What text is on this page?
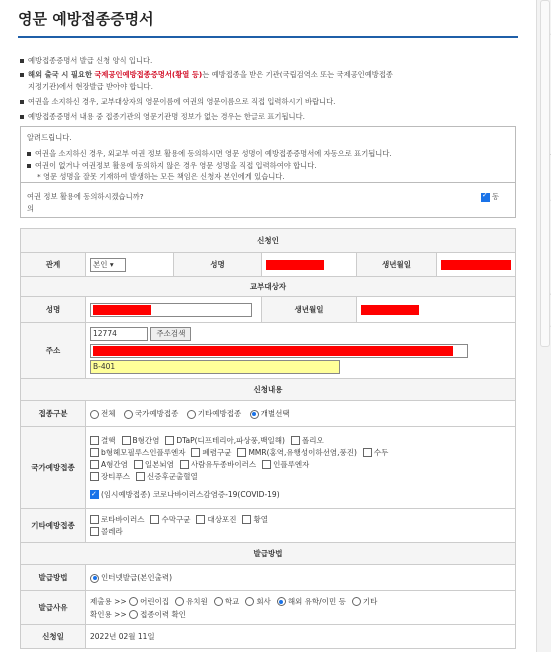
영문 예방접종증명서
예방접종증명서 발급 신청 양식 입니다.
해외 출국 시 필요한 국제공인예방접종증명서(황열 등)는 예방접종을 받은 기관(국립검역소 또는 국제공인예방접종
지정기관)에서 현장발급 받아야 합니다.
여권을 소지하신 경우, 교부대상자의 영문이름에 여권의 영문이름으로 직접 입력하시기 바랍니다.
예방접종증명서 내용 중 접종기관의 영문기관명 정보가 없는 경우는 한글로 표기됩니다.
알려드립니다.
여권을 소지하신 경우, 외교부 여권 정보 활용에 동의하시면 영문 성명이 예방접종증명서에 자동으로 표기됩니다.
여권이 없거나 여권정보 활용에 동의하지 않은 경우 영문 성명을 직접 입력하여야 합니다.
* 영문 성명을 잘못 기재하여 발생하는 모든 책임은 신청자 본인에게 있습니다.
여권 정보 활용에 동의하시겠습니까? ✓	동
의
신청인					
관계	본인 ▾	성명		생년월일	
교부대상자					
성명			생년월일		
주소	12774 주소검색
B-401				

신청내용					
접종구분	전체 국가예방접종 기타예방접종 개별선택				
국가예방접종	결핵 B형간염 DTaP(디프테리아,파상풍,백일해) 폴리오
b형헤모필루스인플루엔자 폐렴구균 MMR(홍역,유행성이하선염,풍진) 수두
A형간염 일본뇌염 사람유두종바이러스 인플루엔자
장티푸스 신증후군출혈열
✓(임시예방접종) 코로나바이러스감염증-19(COVID-19)

기타예방접종	로타바이러스 수막구균 대상포진 황열
콜레라				

발급방법					
발급방법	인터넷발급(본인출력)				
발급사유	제출용 >> 어린이집 유치원 학교 회사 해외 유학/이민 등 기타
확인용 >> 접종이력 확인				

신청일	2022년 02월 11일				
